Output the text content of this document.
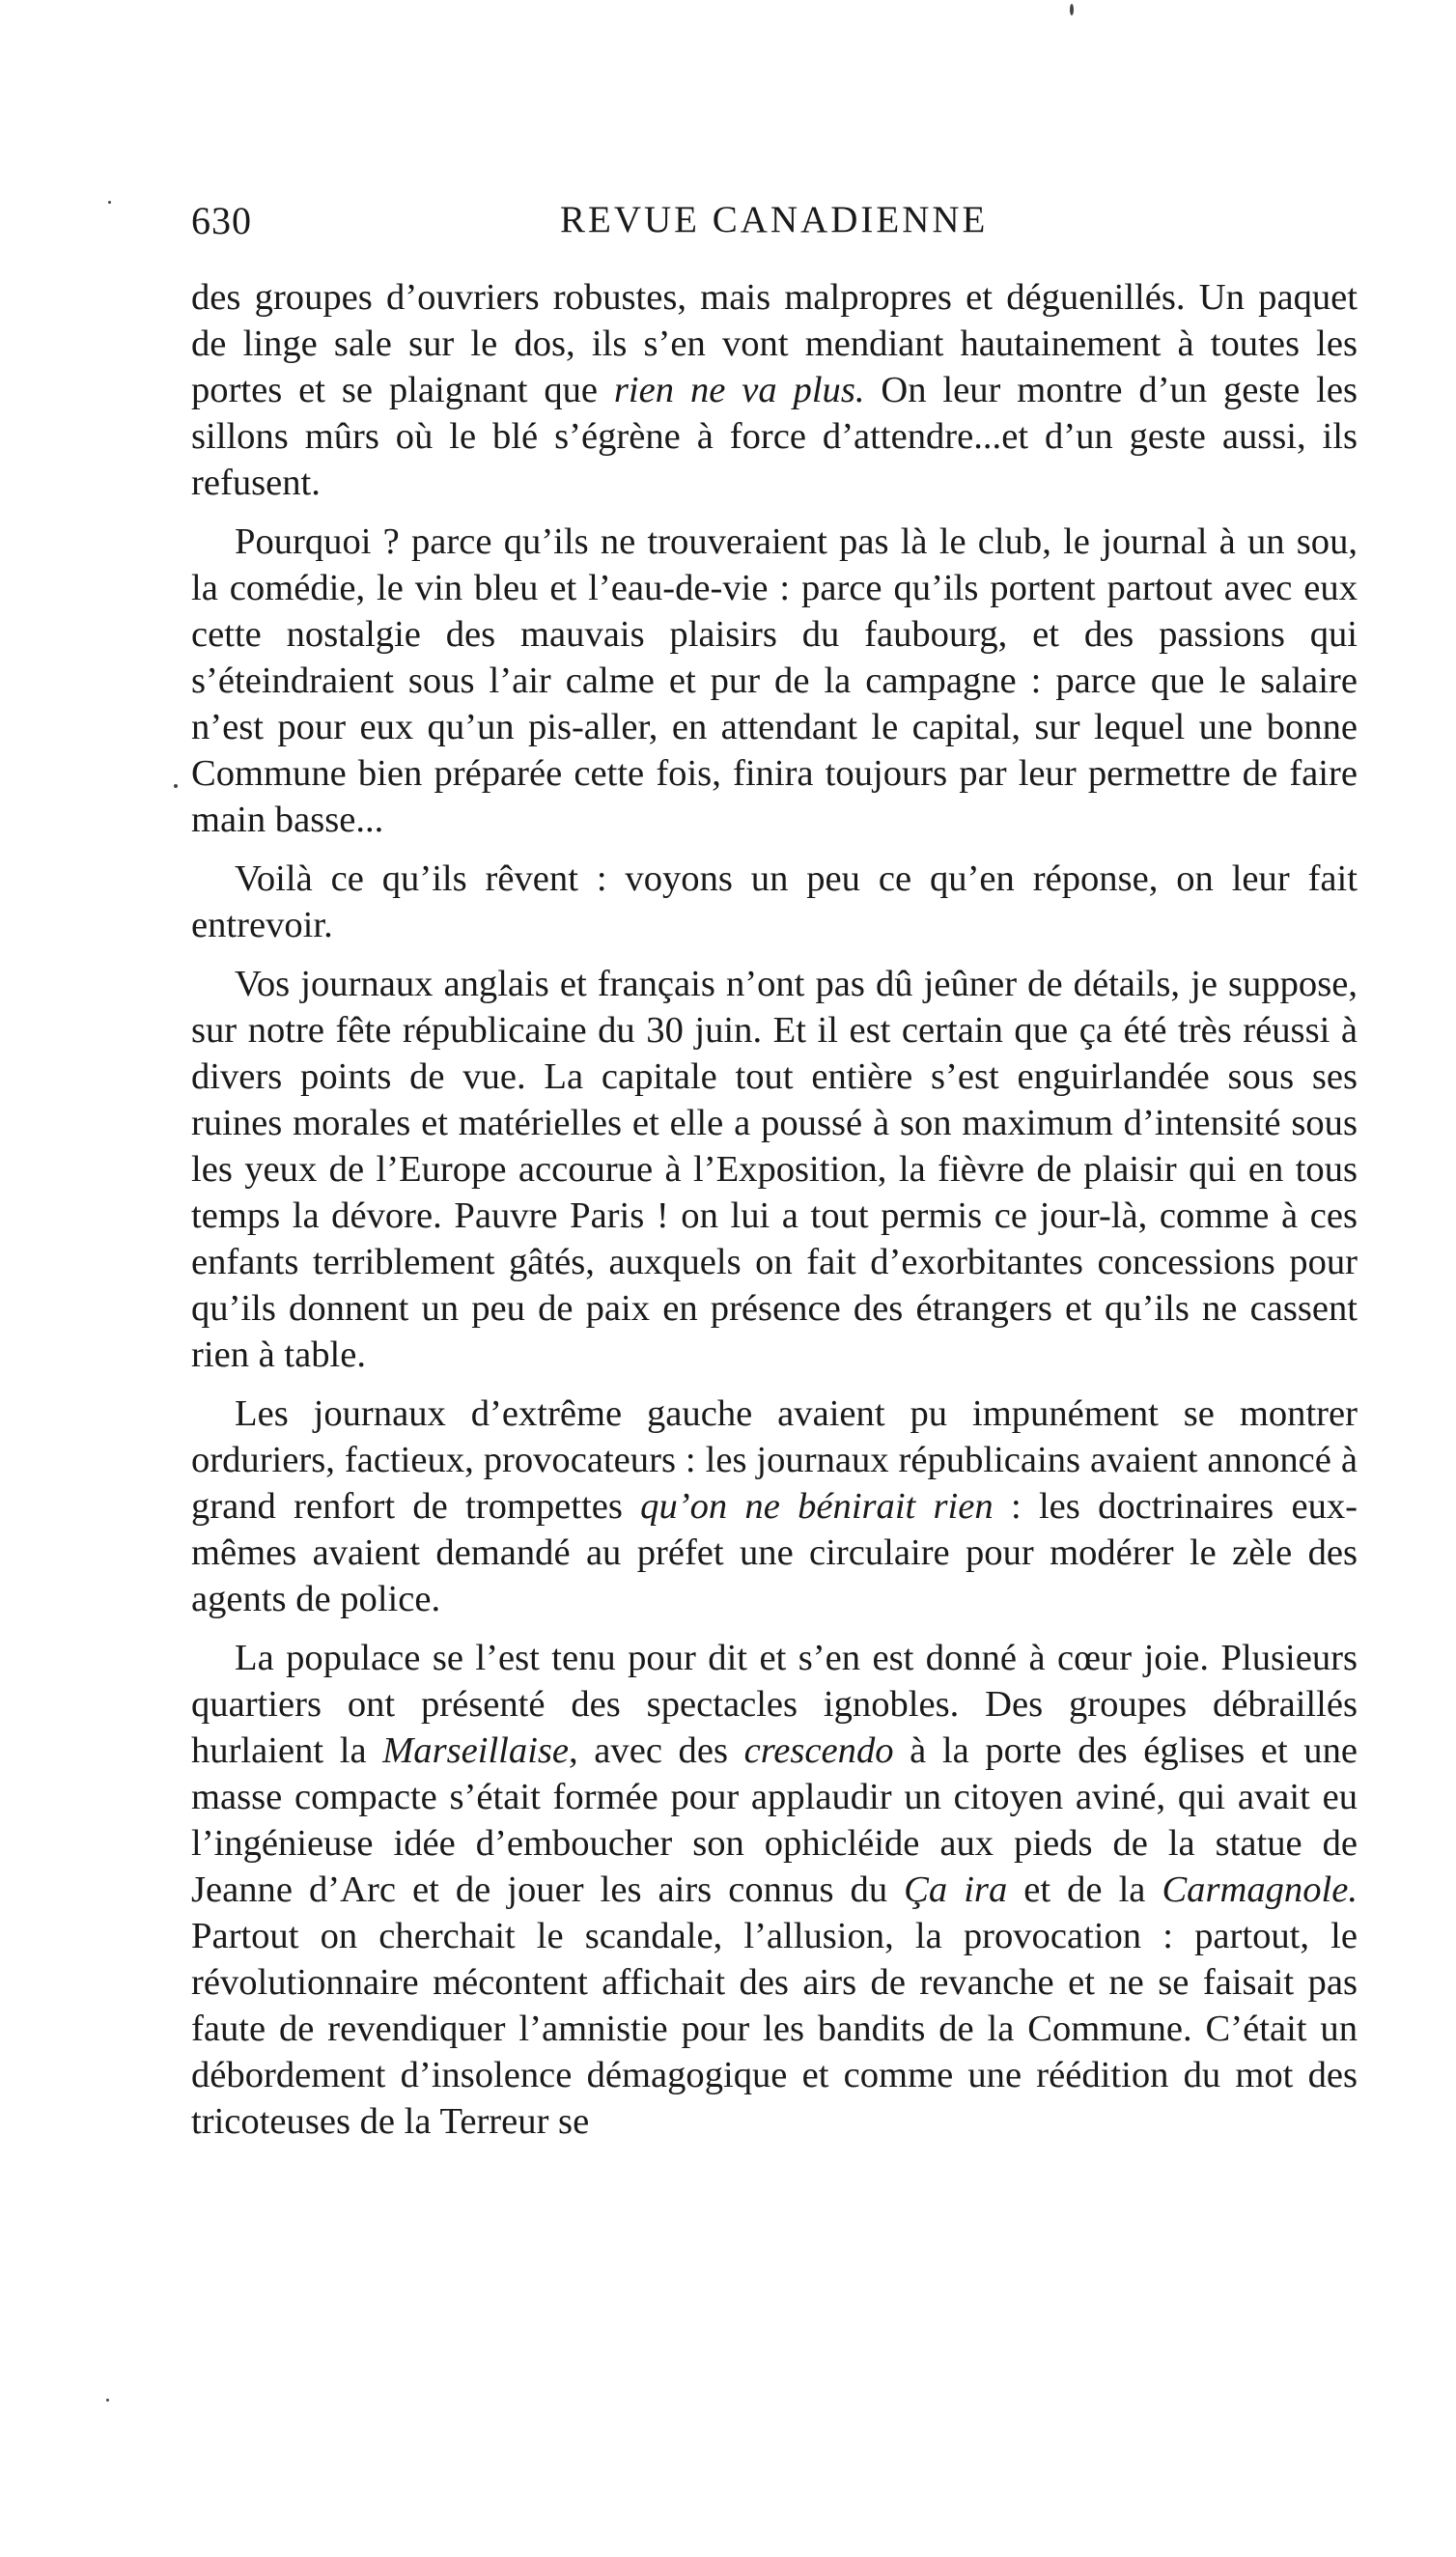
630	REVUE CANADIENNE

des groupes d’ouvriers robustes, mais malpropres et déguenillés. Un paquet de linge sale sur le dos, ils s’en vont mendiant hautainement à toutes les portes et se plaignant que rien ne va plus. On leur montre d’un geste les sillons mûrs où le blé s’égrène à force d’attendre...et d’un geste aussi, ils refusent.

Pourquoi ? parce qu’ils ne trouveraient pas là le club, le journal à un sou, la comédie, le vin bleu et l’eau-de-vie : parce qu’ils portent partout avec eux cette nostalgie des mauvais plaisirs du faubourg, et des passions qui s’éteindraient sous l’air calme et pur de la campagne : parce que le salaire n’est pour eux qu’un pis-aller, en attendant le capital, sur lequel une bonne Commune bien préparée cette fois, finira toujours par leur permettre de faire main basse...

Voilà ce qu’ils rêvent : voyons un peu ce qu’en réponse, on leur fait entrevoir.

Vos journaux anglais et français n’ont pas dû jeûner de détails, je suppose, sur notre fête républicaine du 30 juin. Et il est certain que ça été très réussi à divers points de vue. La capitale tout entière s’est enguirlandée sous ses ruines morales et matérielles et elle a poussé à son maximum d’intensité sous les yeux de l’Europe accourue à l’Exposition, la fièvre de plaisir qui en tous temps la dévore. Pauvre Paris ! on lui a tout permis ce jour-là, comme à ces enfants terriblement gâtés, auxquels on fait d’exorbitantes concessions pour qu’ils donnent un peu de paix en présence des étrangers et qu’ils ne cassent rien à table.

Les journaux d’extrême gauche avaient pu impunément se montrer orduriers, factieux, provocateurs : les journaux républicains avaient annoncé à grand renfort de trompettes qu’on ne bénirait rien : les doctrinaires eux-mêmes avaient demandé au préfet une circulaire pour modérer le zèle des agents de police.

La populace se l’est tenu pour dit et s’en est donné à cœur joie. Plusieurs quartiers ont présenté des spectacles ignobles. Des groupes débraillés hurlaient la Marseillaise, avec des crescendo à la porte des églises et une masse compacte s’était formée pour applaudir un citoyen aviné, qui avait eu l’ingénieuse idée d’emboucher son ophicléide aux pieds de la statue de Jeanne d’Arc et de jouer les airs connus du Ça ira et de la Carmagnole. Partout on cherchait le scandale, l’allusion, la provocation : partout, le révolutionnaire mécontent affichait des airs de revanche et ne se faisait pas faute de revendiquer l’amnistie pour les bandits de la Commune. C’était un débordement d’insolence démagogique et comme une réédition du mot des tricoteuses de la Terreur se
